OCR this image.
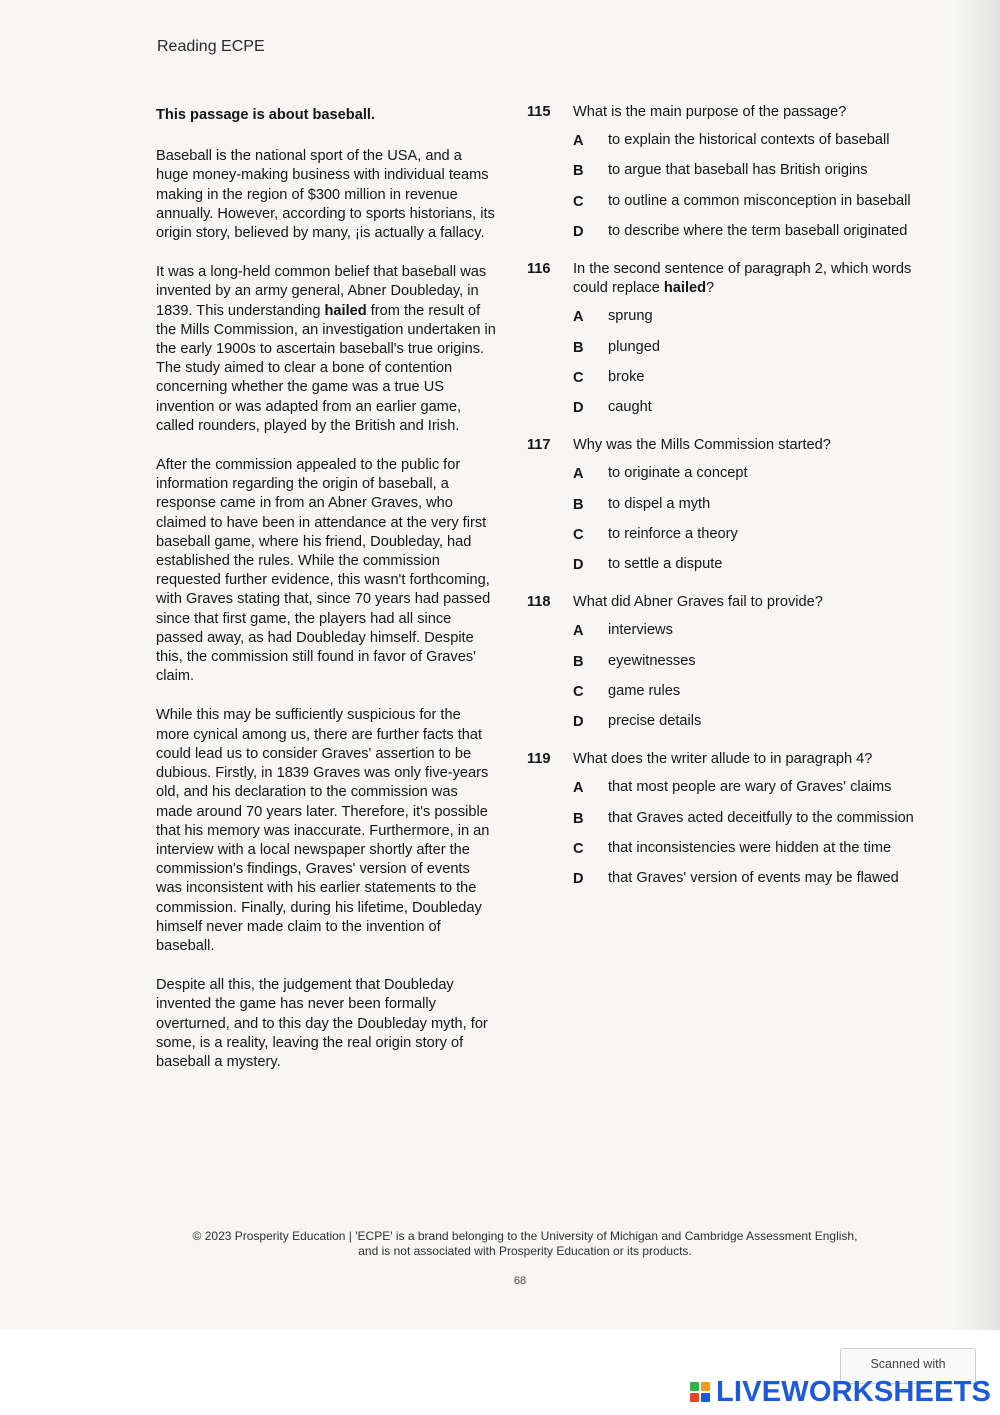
Reading ECPE

This passage is about baseball.

Baseball is the national sport of the USA, and a huge money-making business with individual teams making in the region of $300 million in revenue annually. However, according to sports historians, its origin story, believed by many, ¡is actually a fallacy.

It was a long-held common belief that baseball was invented by an army general, Abner Doubleday, in 1839. This understanding hailed from the result of the Mills Commission, an investigation undertaken in the early 1900s to ascertain baseball's true origins. The study aimed to clear a bone of contention concerning whether the game was a true US invention or was adapted from an earlier game, called rounders, played by the British and Irish.

After the commission appealed to the public for information regarding the origin of baseball, a response came in from an Abner Graves, who claimed to have been in attendance at the very first baseball game, where his friend, Doubleday, had established the rules. While the commission requested further evidence, this wasn't forthcoming, with Graves stating that, since 70 years had passed since that first game, the players had all since passed away, as had Doubleday himself. Despite this, the commission still found in favor of Graves' claim.

While this may be sufficiently suspicious for the more cynical among us, there are further facts that could lead us to consider Graves' assertion to be dubious. Firstly, in 1839 Graves was only five-years old, and his declaration to the commission was made around 70 years later. Therefore, it's possible that his memory was inaccurate. Furthermore, in an interview with a local newspaper shortly after the commission's findings, Graves' version of events was inconsistent with his earlier statements to the commission. Finally, during his lifetime, Doubleday himself never made claim to the invention of baseball.

Despite all this, the judgement that Doubleday invented the game has never been formally overturned, and to this day the Doubleday myth, for some, is a reality, leaving the real origin story of baseball a mystery.

115	What is the main purpose of the passage?
A	to explain the historical contexts of baseball
B	to argue that baseball has British origins
C	to outline a common misconception in baseball
D	to describe where the term baseball originated
116	In the second sentence of paragraph 2, which words could replace hailed?
A	sprung
B	plunged
C	broke
D	caught
117	Why was the Mills Commission started?
A	to originate a concept
B	to dispel a myth
C	to reinforce a theory
D	to settle a dispute
118	What did Abner Graves fail to provide?
A	interviews
B	eyewitnesses
C	game rules
D	precise details
119	What does the writer allude to in paragraph 4?
A	that most people are wary of Graves' claims
B	that Graves acted deceitfully to the commission
C	that inconsistencies were hidden at the time
D	that Graves' version of events may be flawed
© 2023 Prosperity Education | 'ECPE' is a brand belonging to the University of Michigan and Cambridge Assessment English,
and is not associated with Prosperity Education or its products.
68
Scanned with
LIVEWORKSHEETS
